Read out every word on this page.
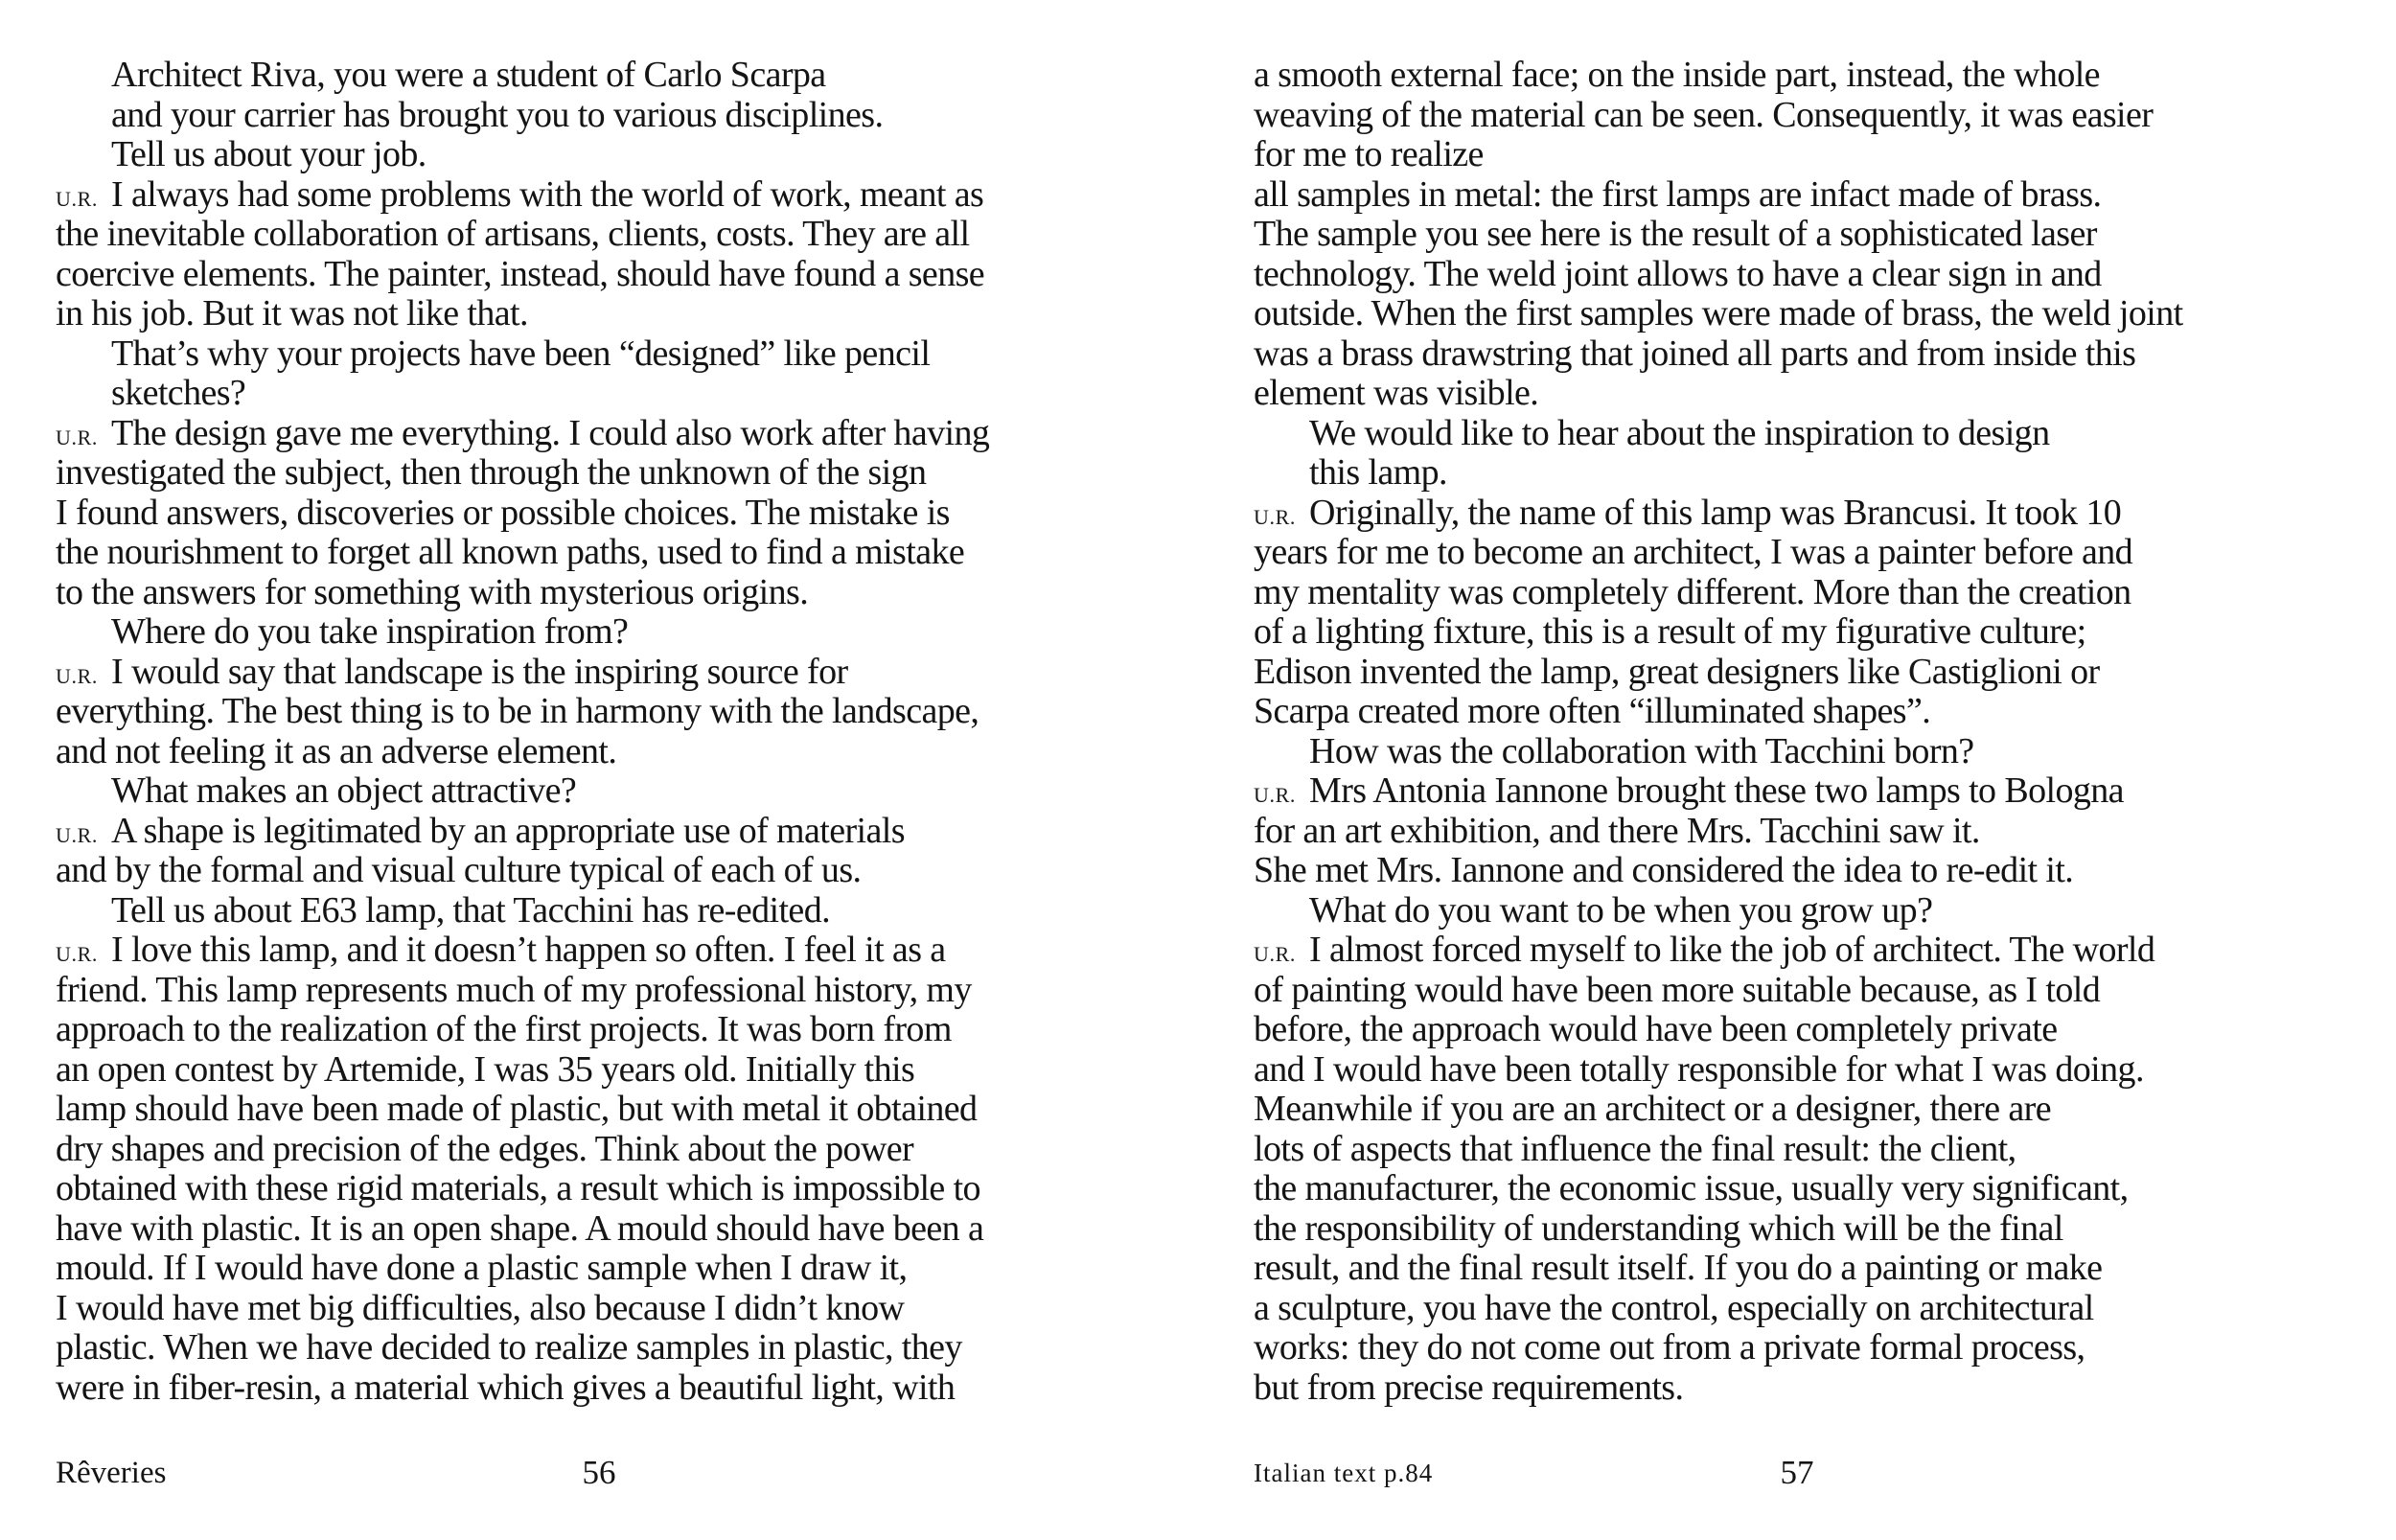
Architect Riva, you were a student of Carlo Scarpa
and your carrier has brought you to various disciplines.
Tell us about your job.
U.R. I always had some problems with the world of work, meant as
the inevitable collaboration of artisans, clients, costs. They are all
coercive elements. The painter, instead, should have found a sense
in his job. But it was not like that.
That’s why your projects have been “designed” like pencil
sketches?
U.R. The design gave me everything. I could also work after having
investigated the subject, then through the unknown of the sign
I found answers, discoveries or possible choices. The mistake is
the nourishment to forget all known paths, used to find a mistake
to the answers for something with mysterious origins.
Where do you take inspiration from?
U.R. I would say that landscape is the inspiring source for
everything. The best thing is to be in harmony with the landscape,
and not feeling it as an adverse element.
What makes an object attractive?
U.R. A shape is legitimated by an appropriate use of materials
and by the formal and visual culture typical of each of us.
Tell us about E63 lamp, that Tacchini has re-edited.
U.R. I love this lamp, and it doesn’t happen so often. I feel it as a
friend. This lamp represents much of my professional history, my
approach to the realization of the first projects. It was born from
an open contest by Artemide, I was 35 years old. Initially this
lamp should have been made of plastic, but with metal it obtained
dry shapes and precision of the edges. Think about the power
obtained with these rigid materials, a result which is impossible to
have with plastic. It is an open shape. A mould should have been a
mould. If I would have done a plastic sample when I draw it,
I would have met big difficulties, also because I didn’t know
plastic. When we have decided to realize samples in plastic, they
were in fiber-resin, a material which gives a beautiful light, with
Rêveries	56
a smooth external face; on the inside part, instead, the whole
weaving of the material can be seen. Consequently, it was easier
for me to realize
all samples in metal: the first lamps are infact made of brass.
The sample you see here is the result of a sophisticated laser
technology. The weld joint allows to have a clear sign in and
outside. When the first samples were made of brass, the weld joint
was a brass drawstring that joined all parts and from inside this
element was visible.
We would like to hear about the inspiration to design
this lamp.
U.R. Originally, the name of this lamp was Brancusi. It took 10
years for me to become an architect, I was a painter before and
my mentality was completely different. More than the creation
of a lighting fixture, this is a result of my figurative culture;
Edison invented the lamp, great designers like Castiglioni or
Scarpa created more often “illuminated shapes”.
How was the collaboration with Tacchini born?
U.R. Mrs Antonia Iannone brought these two lamps to Bologna
for an art exhibition, and there Mrs. Tacchini saw it.
She met Mrs. Iannone and considered the idea to re-edit it.
What do you want to be when you grow up?
U.R. I almost forced myself to like the job of architect. The world
of painting would have been more suitable because, as I told
before, the approach would have been completely private
and I would have been totally responsible for what I was doing.
Meanwhile if you are an architect or a designer, there are
lots of aspects that influence the final result: the client,
the manufacturer, the economic issue, usually very significant,
the responsibility of understanding which will be the final
result, and the final result itself. If you do a painting or make
a sculpture, you have the control, especially on architectural
works: they do not come out from a private formal process,
but from precise requirements.
Italian text p.84	57
